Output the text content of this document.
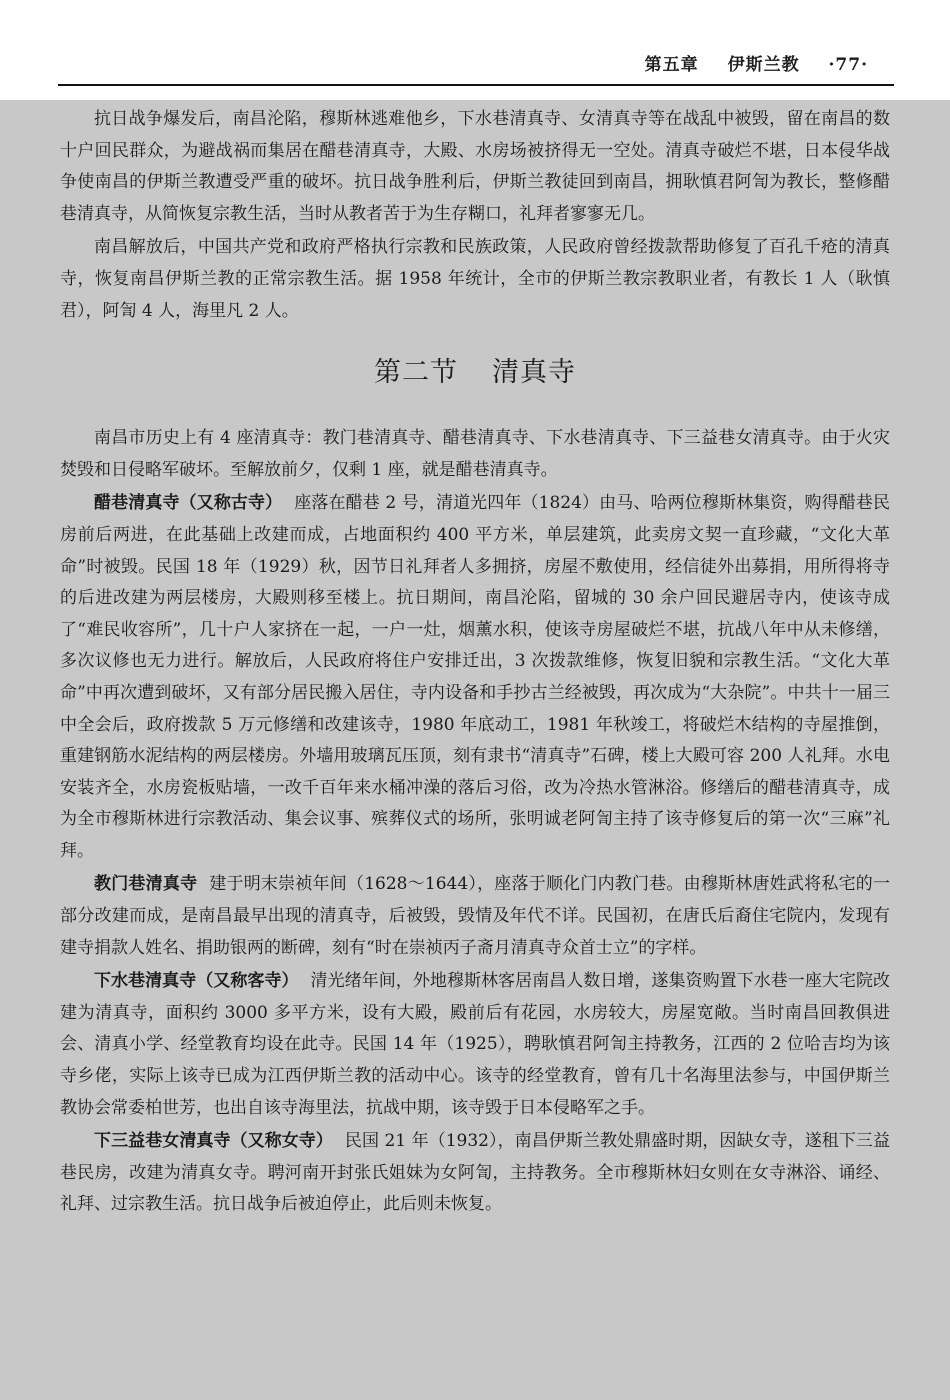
第五章 伊斯兰教 ·77·

抗日战争爆发后，南昌沦陷，穆斯林逃难他乡，下水巷清真寺、女清真寺等在战乱中被毁，留在南昌的数十户回民群众，为避战祸而集居在醋巷清真寺，大殿、水房场被挤得无一空处。清真寺破烂不堪，日本侵华战争使南昌的伊斯兰教遭受严重的破坏。抗日战争胜利后，伊斯兰教徒回到南昌，拥耿慎君阿訇为教长，整修醋巷清真寺，从简恢复宗教生活，当时从教者苦于为生存糊口，礼拜者寥寥无几。

南昌解放后，中国共产党和政府严格执行宗教和民族政策，人民政府曾经拨款帮助修复了百孔千疮的清真寺，恢复南昌伊斯兰教的正常宗教生活。据 1958 年统计，全市的伊斯兰教宗教职业者，有教长 1 人（耿慎君），阿訇 4 人，海里凡 2 人。

第二节 清真寺

南昌市历史上有 4 座清真寺：教门巷清真寺、醋巷清真寺、下水巷清真寺、下三益巷女清真寺。由于火灾焚毁和日侵略军破坏。至解放前夕，仅剩 1 座，就是醋巷清真寺。

醋巷清真寺（又称古寺） 座落在醋巷 2 号，清道光四年（1824）由马、哈两位穆斯林集资，购得醋巷民房前后两进，在此基础上改建而成，占地面积约 400 平方米，单层建筑，此卖房文契一直珍藏，“文化大革命”时被毁。民国 18 年（1929）秋，因节日礼拜者人多拥挤，房屋不敷使用，经信徒外出募捐，用所得将寺的后进改建为两层楼房，大殿则移至楼上。抗日期间，南昌沦陷，留城的 30 余户回民避居寺内，使该寺成了“难民收容所”，几十户人家挤在一起，一户一灶，烟薰水积，使该寺房屋破烂不堪，抗战八年中从未修缮，多次议修也无力进行。解放后，人民政府将住户安排迁出，3 次拨款维修，恢复旧貌和宗教生活。“文化大革命”中再次遭到破坏，又有部分居民搬入居住，寺内设备和手抄古兰经被毁，再次成为“大杂院”。中共十一届三中全会后，政府拨款 5 万元修缮和改建该寺，1980 年底动工，1981 年秋竣工，将破烂木结构的寺屋推倒，重建钢筋水泥结构的两层楼房。外墙用玻璃瓦压顶，刻有隶书“清真寺”石碑，楼上大殿可容 200 人礼拜。水电安装齐全，水房瓷板贴墙，一改千百年来水桶冲澡的落后习俗，改为冷热水管淋浴。修缮后的醋巷清真寺，成为全市穆斯林进行宗教活动、集会议事、殡葬仪式的场所，张明诚老阿訇主持了该寺修复后的第一次“三麻”礼拜。

教门巷清真寺 建于明末崇祯年间（1628～1644），座落于顺化门内教门巷。由穆斯林唐姓武将私宅的一部分改建而成，是南昌最早出现的清真寺，后被毁，毁情及年代不详。民国初，在唐氏后裔住宅院内，发现有建寺捐款人姓名、捐助银两的断碑，刻有“时在崇祯丙子斋月清真寺众首士立”的字样。

下水巷清真寺（又称客寺） 清光绪年间，外地穆斯林客居南昌人数日增，遂集资购置下水巷一座大宅院改建为清真寺，面积约 3000 多平方米，设有大殿，殿前后有花园，水房较大，房屋宽敞。当时南昌回教俱进会、清真小学、经堂教育均设在此寺。民国 14 年（1925），聘耿慎君阿訇主持教务，江西的 2 位哈吉均为该寺乡佬，实际上该寺已成为江西伊斯兰教的活动中心。该寺的经堂教育，曾有几十名海里法参与，中国伊斯兰教协会常委柏世芳，也出自该寺海里法，抗战中期，该寺毁于日本侵略军之手。

下三益巷女清真寺（又称女寺） 民国 21 年（1932），南昌伊斯兰教处鼎盛时期，因缺女寺，遂租下三益巷民房，改建为清真女寺。聘河南开封张氏姐妹为女阿訇，主持教务。全市穆斯林妇女则在女寺淋浴、诵经、礼拜、过宗教生活。抗日战争后被迫停止，此后则未恢复。
